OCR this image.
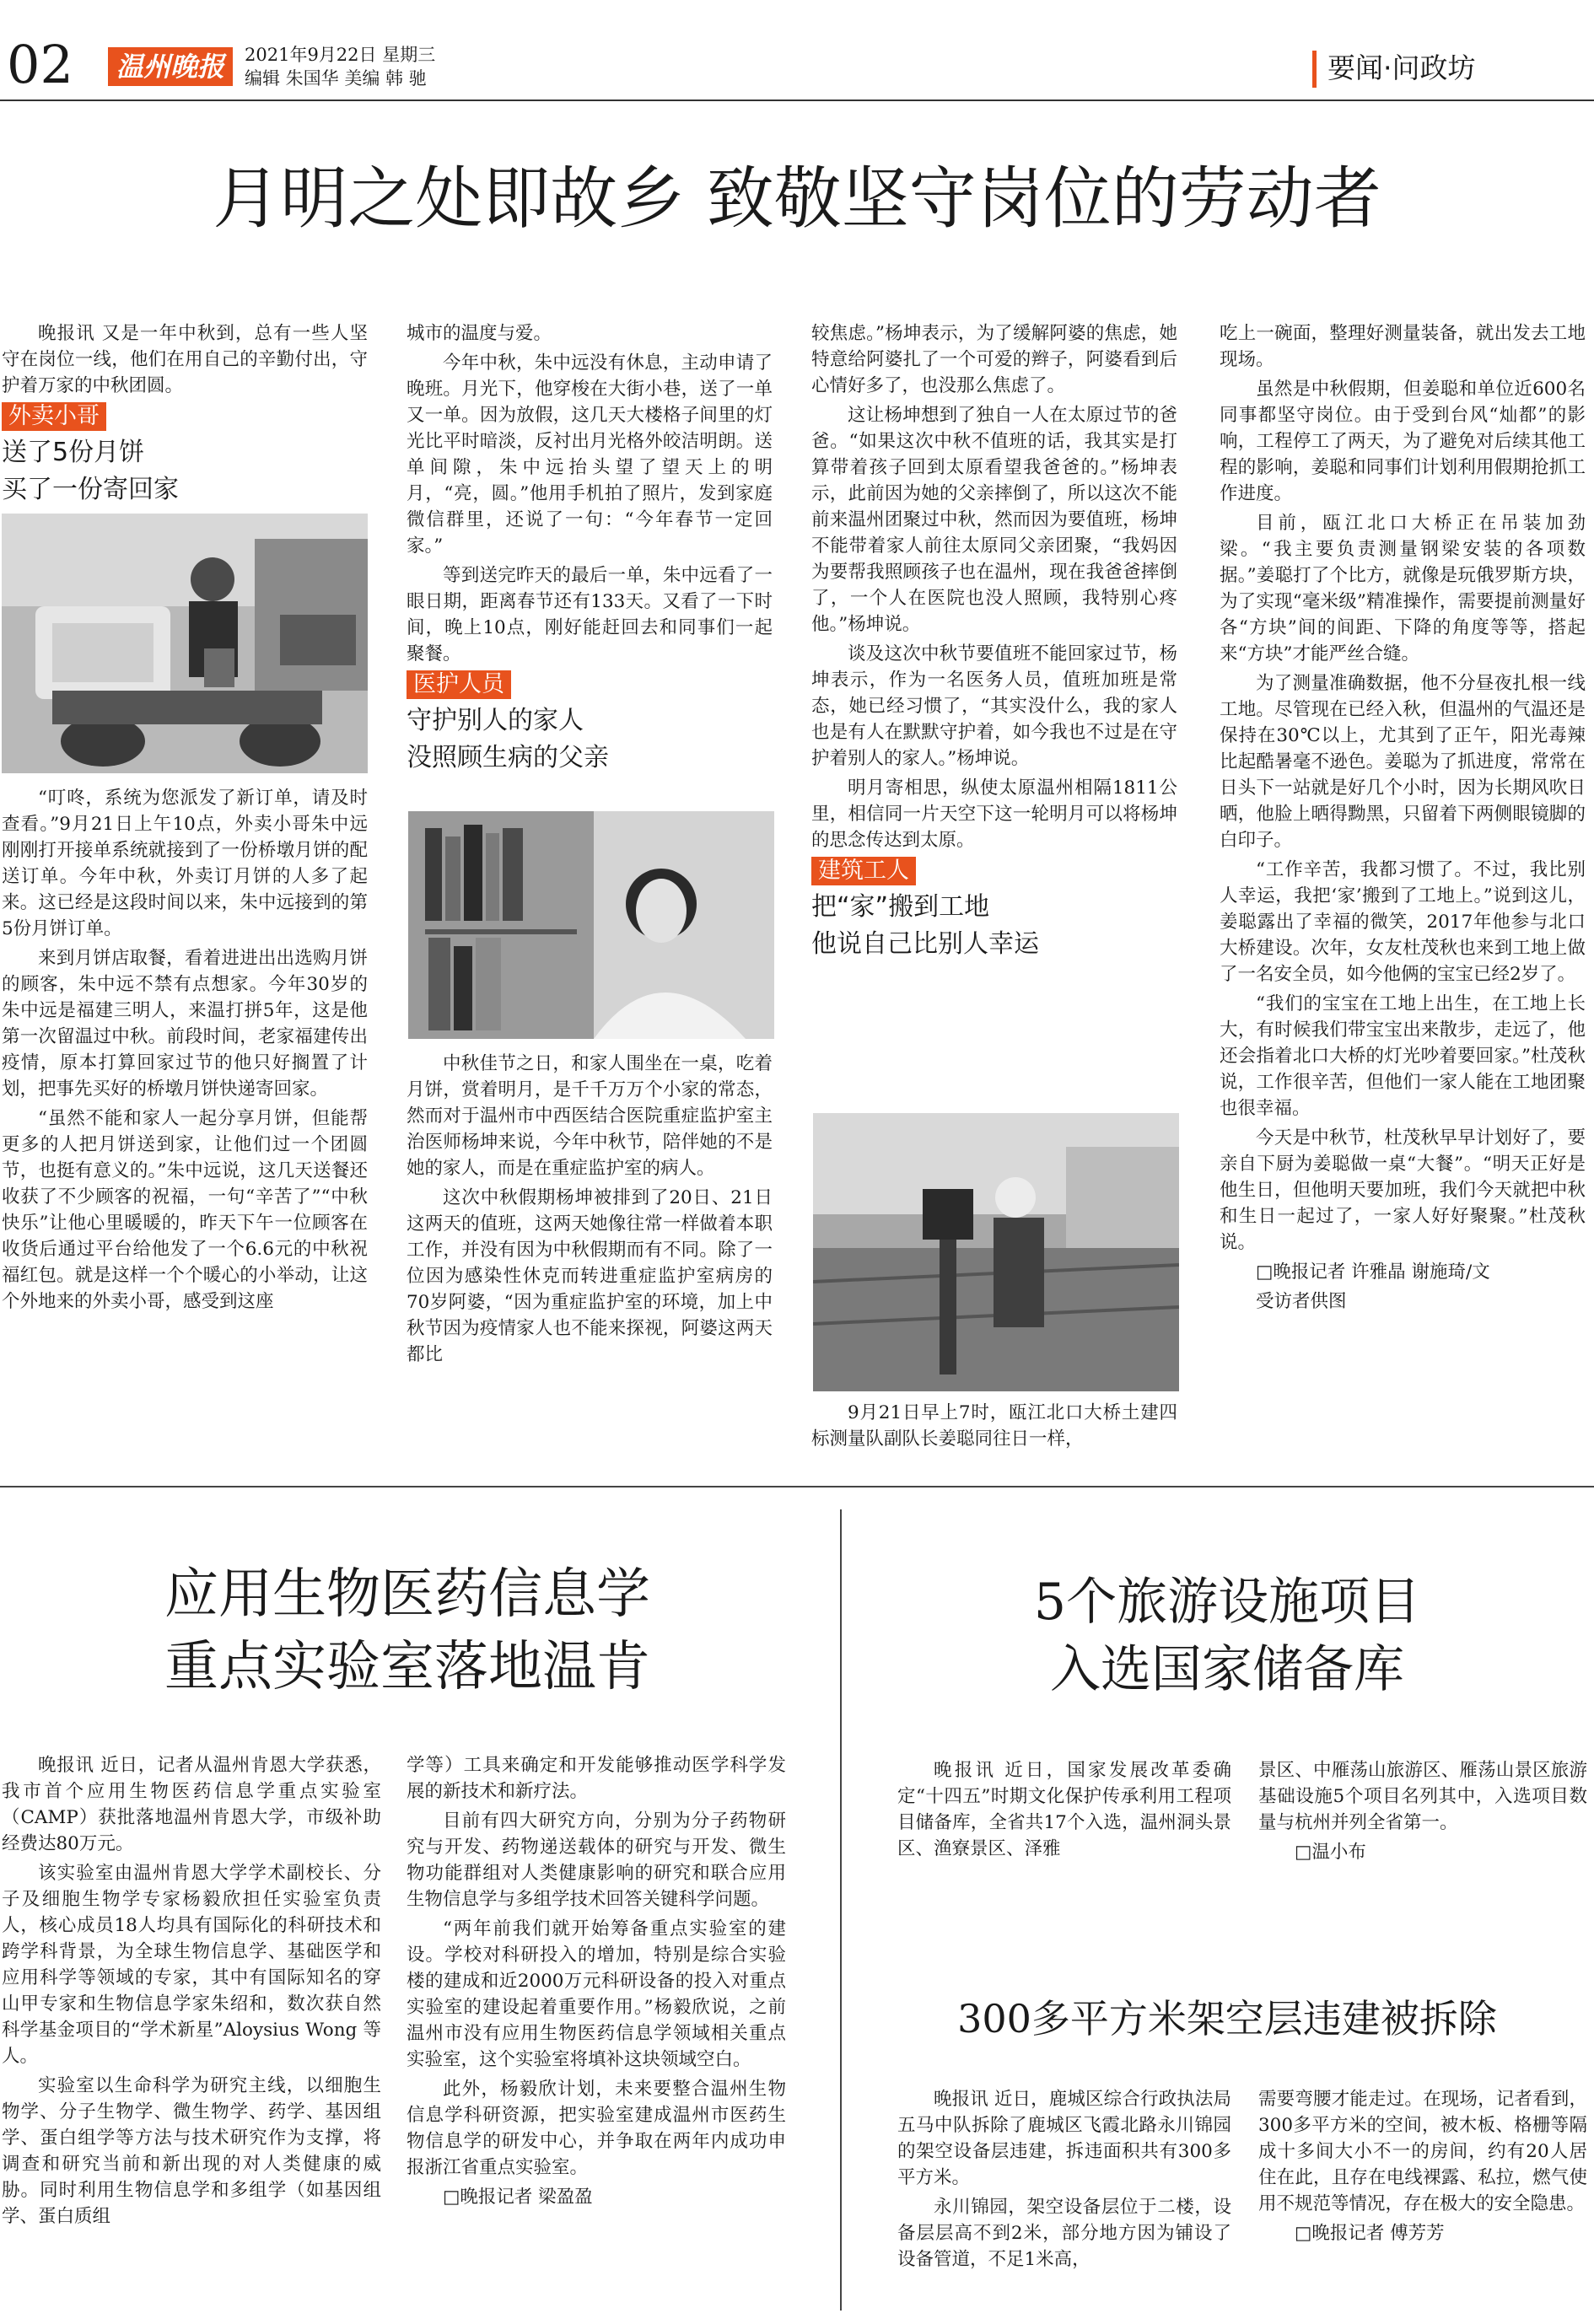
02	温州晚报	2021年9月22日 星期三
编辑 朱国华 美编 韩 驰	要闻·问政坊
月明之处即故乡 致敬坚守岗位的劳动者

晚报讯 又是一年中秋到，总有一些人坚守在岗位一线，他们在用自己的辛勤付出，守护着万家的中秋团圆。

外卖小哥
送了5份月饼
买了一份寄回家

“叮咚，系统为您派发了新订单，请及时查看。”9月21日上午10点，外卖小哥朱中远刚刚打开接单系统就接到了一份桥墩月饼的配送订单。今年中秋，外卖订月饼的人多了起来。这已经是这段时间以来，朱中远接到的第5份月饼订单。

来到月饼店取餐，看着进进出出选购月饼的顾客，朱中远不禁有点想家。今年30岁的朱中远是福建三明人，来温打拼5年，这是他第一次留温过中秋。前段时间，老家福建传出疫情，原本打算回家过节的他只好搁置了计划，把事先买好的桥墩月饼快递寄回家。

“虽然不能和家人一起分享月饼，但能帮更多的人把月饼送到家，让他们过一个团圆节，也挺有意义的。”朱中远说，这几天送餐还收获了不少顾客的祝福，一句“辛苦了”“中秋快乐”让他心里暖暖的，昨天下午一位顾客在收货后通过平台给他发了一个6.6元的中秋祝福红包。就是这样一个个暖心的小举动，让这个外地来的外卖小哥，感受到这座

城市的温度与爱。

今年中秋，朱中远没有休息，主动申请了晚班。月光下，他穿梭在大街小巷，送了一单又一单。因为放假，这几天大楼格子间里的灯光比平时暗淡，反衬出月光格外皎洁明朗。送单间隙，朱中远抬头望了望天上的明月，“亮，圆。”他用手机拍了照片，发到家庭微信群里，还说了一句：“今年春节一定回家。”

等到送完昨天的最后一单，朱中远看了一眼日期，距离春节还有133天。又看了一下时间，晚上10点，刚好能赶回去和同事们一起聚餐。

医护人员
守护别人的家人
没照顾生病的父亲

中秋佳节之日，和家人围坐在一桌，吃着月饼，赏着明月，是千千万万个小家的常态，然而对于温州市中西医结合医院重症监护室主治医师杨坤来说，今年中秋节，陪伴她的不是她的家人，而是在重症监护室的病人。

这次中秋假期杨坤被排到了20日、21日这两天的值班，这两天她像往常一样做着本职工作，并没有因为中秋假期而有不同。除了一位因为感染性休克而转进重症监护室病房的70岁阿婆，“因为重症监护室的环境，加上中秋节因为疫情家人也不能来探视，阿婆这两天都比

较焦虑。”杨坤表示，为了缓解阿婆的焦虑，她特意给阿婆扎了一个可爱的辫子，阿婆看到后心情好多了，也没那么焦虑了。

这让杨坤想到了独自一人在太原过节的爸爸。“如果这次中秋不值班的话，我其实是打算带着孩子回到太原看望我爸爸的。”杨坤表示，此前因为她的父亲摔倒了，所以这次不能前来温州团聚过中秋，然而因为要值班，杨坤不能带着家人前往太原同父亲团聚，“我妈因为要帮我照顾孩子也在温州，现在我爸爸摔倒了，一个人在医院也没人照顾，我特别心疼他。”杨坤说。

谈及这次中秋节要值班不能回家过节，杨坤表示，作为一名医务人员，值班加班是常态，她已经习惯了，“其实没什么，我的家人也是有人在默默守护着，如今我也不过是在守护着别人的家人。”杨坤说。

明月寄相思，纵使太原温州相隔1811公里，相信同一片天空下这一轮明月可以将杨坤的思念传达到太原。

建筑工人
把“家”搬到工地
他说自己比别人幸运

9月21日早上7时，瓯江北口大桥土建四标测量队副队长姜聪同往日一样，

吃上一碗面，整理好测量装备，就出发去工地现场。

虽然是中秋假期，但姜聪和单位近600名同事都坚守岗位。由于受到台风“灿都”的影响，工程停工了两天，为了避免对后续其他工程的影响，姜聪和同事们计划利用假期抢抓工作进度。

目前，瓯江北口大桥正在吊装加劲梁。“我主要负责测量钢梁安装的各项数据。”姜聪打了个比方，就像是玩俄罗斯方块，为了实现“毫米级”精准操作，需要提前测量好各“方块”间的间距、下降的角度等等，搭起来“方块”才能严丝合缝。

为了测量准确数据，他不分昼夜扎根一线工地。尽管现在已经入秋，但温州的气温还是保持在30℃以上，尤其到了正午，阳光毒辣比起酷暑毫不逊色。姜聪为了抓进度，常常在日头下一站就是好几个小时，因为长期风吹日晒，他脸上晒得黝黑，只留着下两侧眼镜脚的白印子。

“工作辛苦，我都习惯了。不过，我比别人幸运，我把‘家’搬到了工地上。”说到这儿，姜聪露出了幸福的微笑，2017年他参与北口大桥建设。次年，女友杜茂秋也来到工地上做了一名安全员，如今他俩的宝宝已经2岁了。

“我们的宝宝在工地上出生，在工地上长大，有时候我们带宝宝出来散步，走远了，他还会指着北口大桥的灯光吵着要回家。”杜茂秋说，工作很辛苦，但他们一家人能在工地团聚也很幸福。

今天是中秋节，杜茂秋早早计划好了，要亲自下厨为姜聪做一桌“大餐”。“明天正好是他生日，但他明天要加班，我们今天就把中秋和生日一起过了，一家人好好聚聚。”杜茂秋说。

□晚报记者 许雅晶 谢施琦/文

受访者供图

应用生物医药信息学
重点实验室落地温肯

晚报讯 近日，记者从温州肯恩大学获悉，我市首个应用生物医药信息学重点实验室（CAMP）获批落地温州肯恩大学，市级补助经费达80万元。

该实验室由温州肯恩大学学术副校长、分子及细胞生物学专家杨毅欣担任实验室负责人，核心成员18人均具有国际化的科研技术和跨学科背景，为全球生物信息学、基础医学和应用科学等领域的专家，其中有国际知名的穿山甲专家和生物信息学家朱绍和，数次获自然科学基金项目的“学术新星”Aloysius Wong 等人。

实验室以生命科学为研究主线，以细胞生物学、分子生物学、微生物学、药学、基因组学、蛋白组学等方法与技术研究作为支撑，将调查和研究当前和新出现的对人类健康的威胁。同时利用生物信息学和多组学（如基因组学、蛋白质组

学等）工具来确定和开发能够推动医学科学发展的新技术和新疗法。

目前有四大研究方向，分别为分子药物研究与开发、药物递送载体的研究与开发、微生物功能群组对人类健康影响的研究和联合应用生物信息学与多组学技术回答关键科学问题。

“两年前我们就开始筹备重点实验室的建设。学校对科研投入的增加，特别是综合实验楼的建成和近2000万元科研设备的投入对重点实验室的建设起着重要作用。”杨毅欣说，之前温州市没有应用生物医药信息学领域相关重点实验室，这个实验室将填补这块领域空白。

此外，杨毅欣计划，未来要整合温州生物信息学科研资源，把实验室建成温州市医药生物信息学的研发中心，并争取在两年内成功申报浙江省重点实验室。

□晚报记者 梁盈盈

5个旅游设施项目
入选国家储备库

晚报讯 近日，国家发展改革委确定“十四五”时期文化保护传承利用工程项目储备库，全省共17个入选，温州洞头景区、渔寮景区、泽雅

景区、中雁荡山旅游区、雁荡山景区旅游基础设施5个项目名列其中，入选项目数量与杭州并列全省第一。

□温小布

300多平方米架空层违建被拆除

晚报讯 近日，鹿城区综合行政执法局五马中队拆除了鹿城区飞霞北路永川锦园的架空设备层违建，拆违面积共有300多平方米。

永川锦园，架空设备层位于二楼，设备层层高不到2米，部分地方因为铺设了设备管道，不足1米高，

需要弯腰才能走过。在现场，记者看到，300多平方米的空间，被木板、格栅等隔成十多间大小不一的房间，约有20人居住在此，且存在电线裸露、私拉，燃气使用不规范等情况，存在极大的安全隐患。

□晚报记者 傅芳芳
